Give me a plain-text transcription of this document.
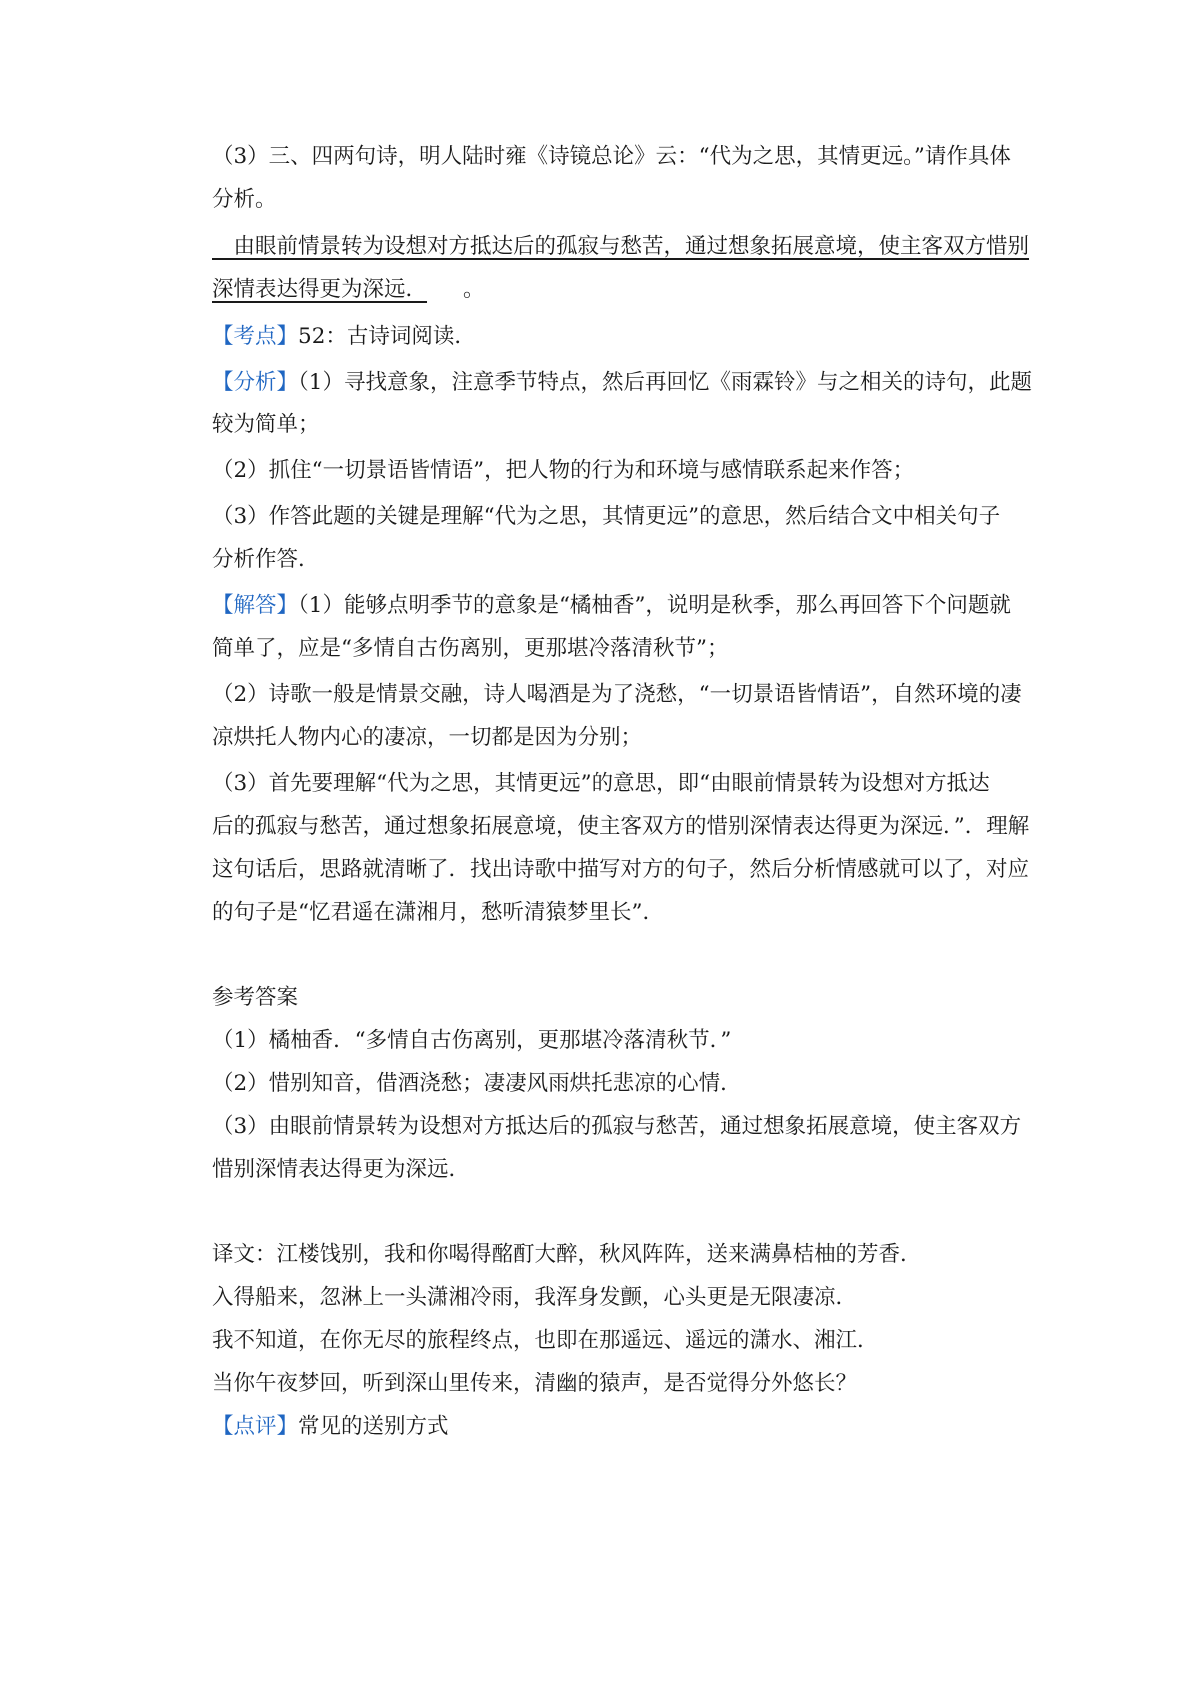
（3）三、四两句诗，明人陆时雍《诗镜总论》云：“代为之思，其情更远。”请作具体
分析。
 由眼前情景转为设想对方抵达后的孤寂与愁苦，通过想象拓展意境，使主客双方惜别
深情表达得更为深远． 。
【考点】52：古诗词阅读．
【分析】（1）寻找意象，注意季节特点，然后再回忆《雨霖铃》与之相关的诗句，此题
较为简单；
（2）抓住“一切景语皆情语”，把人物的行为和环境与感情联系起来作答；
（3）作答此题的关键是理解“代为之思，其情更远”的意思，然后结合文中相关句子
分析作答．
【解答】（1）能够点明季节的意象是“橘柚香”，说明是秋季，那么再回答下个问题就
简单了，应是“多情自古伤离别，更那堪冷落清秋节”；
（2）诗歌一般是情景交融，诗人喝酒是为了浇愁，“一切景语皆情语”，自然环境的凄
凉烘托人物内心的凄凉，一切都是因为分别；
（3）首先要理解“代为之思，其情更远”的意思，即“由眼前情景转为设想对方抵达
后的孤寂与愁苦，通过想象拓展意境，使主客双方的惜别深情表达得更为深远．”．理解
这句话后，思路就清晰了．找出诗歌中描写对方的句子，然后分析情感就可以了，对应
的句子是“忆君遥在潇湘月，愁听清猿梦里长”．
参考答案
（1）橘柚香．“多情自古伤离别，更那堪冷落清秋节．”
（2）惜别知音，借酒浇愁；凄凄风雨烘托悲凉的心情．
（3）由眼前情景转为设想对方抵达后的孤寂与愁苦，通过想象拓展意境，使主客双方
惜别深情表达得更为深远．
译文：江楼饯别，我和你喝得酩酊大醉，秋风阵阵，送来满鼻桔柚的芳香．
入得船来，忽淋上一头潇湘冷雨，我浑身发颤，心头更是无限凄凉．
我不知道，在你无尽的旅程终点，也即在那遥远、遥远的潇水、湘江．
当你午夜梦回，听到深山里传来，清幽的猿声，是否觉得分外悠长？
【点评】常见的送别方式
